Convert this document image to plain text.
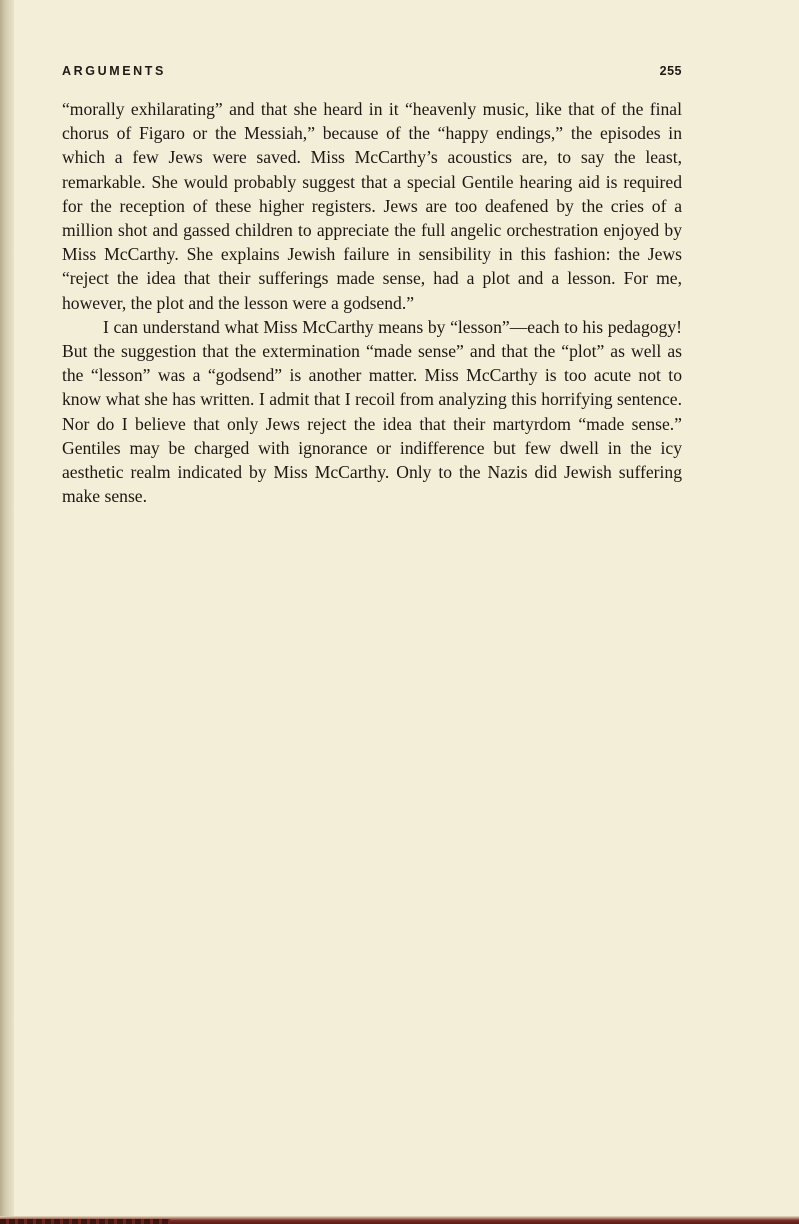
ARGUMENTS	255

“morally exhilarating” and that she heard in it “heavenly music, like that of the final chorus of Figaro or the Messiah,” because of the “happy endings,” the episodes in which a few Jews were saved. Miss McCarthy’s acoustics are, to say the least, remarkable. She would probably suggest that a special Gentile hearing aid is required for the reception of these higher registers. Jews are too deafened by the cries of a million shot and gassed children to appreciate the full angelic orchestration enjoyed by Miss McCarthy. She explains Jewish failure in sensibility in this fashion: the Jews “reject the idea that their sufferings made sense, had a plot and a lesson. For me, however, the plot and the lesson were a godsend.”

I can understand what Miss McCarthy means by “lesson”—each to his pedagogy! But the suggestion that the extermination “made sense” and that the “plot” as well as the “lesson” was a “godsend” is another matter. Miss McCarthy is too acute not to know what she has written. I admit that I recoil from analyzing this horrifying sentence. Nor do I believe that only Jews reject the idea that their martyrdom “made sense.” Gentiles may be charged with ignorance or indifference but few dwell in the icy aesthetic realm indicated by Miss McCarthy. Only to the Nazis did Jewish suffering make sense.
